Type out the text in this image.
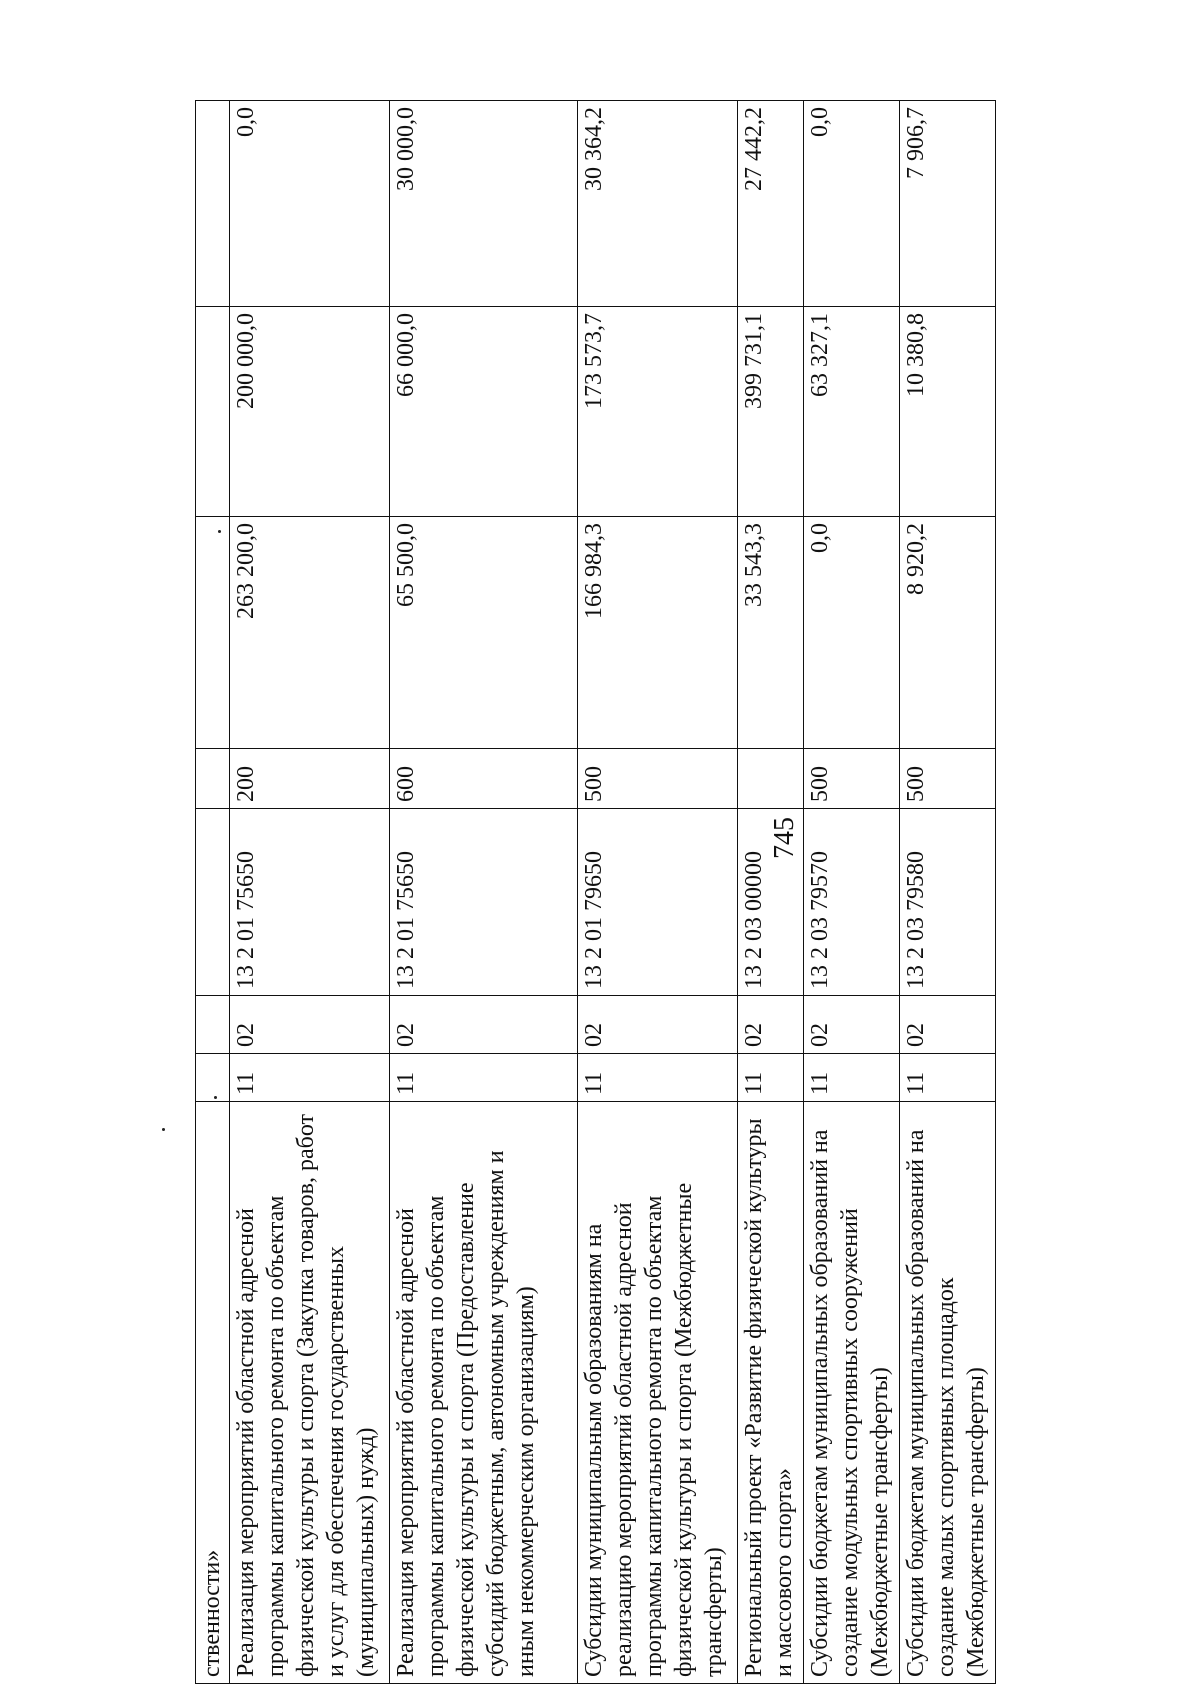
745
ственности»							
Реализация мероприятий областной адресной программы капитального ремонта по объектам физической культуры и спорта (Закупка товаров, работ и услуг для обеспечения государственных (муниципальных) нужд)	11	02	13 2 01 75650	200	263 200,0	200 000,0	0,0
Реализация мероприятий областной адресной программы капитального ремонта по объектам физической культуры и спорта (Предоставление субсидий бюджетным, автономным учреждениям и иным некоммерческим организациям)	11	02	13 2 01 75650	600	65 500,0	66 000,0	30 000,0
Субсидии муниципальным образованиям на реализацию мероприятий областной адресной программы капитального ремонта по объектам физической культуры и спорта (Межбюджетные трансферты)	11	02	13 2 01 79650	500	166 984,3	173 573,7	30 364,2
Региональный проект «Развитие физической культуры и массового спорта»	11	02	13 2 03 00000		33 543,3	399 731,1	27 442,2
Субсидии бюджетам муниципальных образований на создание модульных спортивных сооружений (Межбюджетные трансферты)	11	02	13 2 03 79570	500	0,0	63 327,1	0,0
Субсидии бюджетам муниципальных образований на создание малых спортивных площадок (Межбюджетные трансферты)	11	02	13 2 03 79580	500	8 920,2	10 380,8	7 906,7
